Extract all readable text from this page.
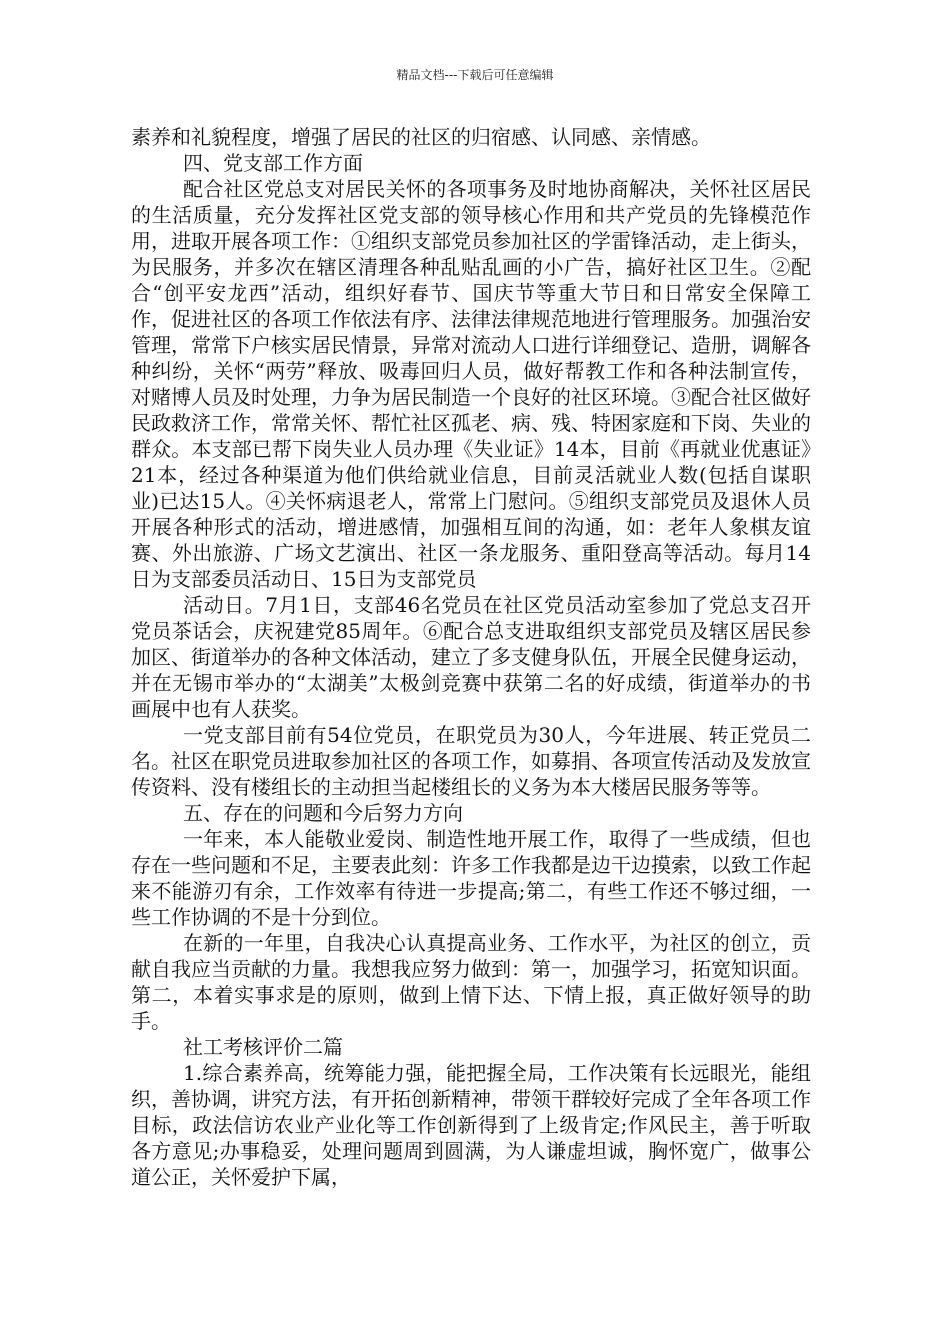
精品文档---下载后可任意编辑

素养和礼貌程度，增强了居民的社区的归宿感、认同感、亲情感。

四、党支部工作方面

配合社区党总支对居民关怀的各项事务及时地协商解决，关怀社区居民的生活质量，充分发挥社区党支部的领导核心作用和共产党员的先锋模范作用，进取开展各项工作：①组织支部党员参加社区的学雷锋活动，走上街头，为民服务，并多次在辖区清理各种乱贴乱画的小广告，搞好社区卫生。②配合“创平安龙西”活动，组织好春节、国庆节等重大节日和日常安全保障工作，促进社区的各项工作依法有序、法律法律规范地进行管理服务。加强治安管理，常常下户核实居民情景，异常对流动人口进行详细登记、造册，调解各种纠纷，关怀“两劳”释放、吸毒回归人员，做好帮教工作和各种法制宣传，对赌博人员及时处理，力争为居民制造一个良好的社区环境。③配合社区做好民政救济工作，常常关怀、帮忙社区孤老、病、残、特困家庭和下岗、失业的群众。本支部已帮下岗失业人员办理《失业证》14本，目前《再就业优惠证》21本，经过各种渠道为他们供给就业信息，目前灵活就业人数(包括自谋职业)已达15人。④关怀病退老人，常常上门慰问。⑤组织支部党员及退休人员开展各种形式的活动，增进感情，加强相互间的沟通，如：老年人象棋友谊赛、外出旅游、广场文艺演出、社区一条龙服务、重阳登高等活动。每月14日为支部委员活动日、15日为支部党员

活动日。7月1日，支部46名党员在社区党员活动室参加了党总支召开党员茶话会，庆祝建党85周年。⑥配合总支进取组织支部党员及辖区居民参加区、街道举办的各种文体活动，建立了多支健身队伍，开展全民健身运动，并在无锡市举办的“太湖美”太极剑竞赛中获第二名的好成绩，街道举办的书画展中也有人获奖。

一党支部目前有54位党员，在职党员为30人，今年进展、转正党员二名。社区在职党员进取参加社区的各项工作，如募捐、各项宣传活动及发放宣传资料、没有楼组长的主动担当起楼组长的义务为本大楼居民服务等等。

五、存在的问题和今后努力方向

一年来，本人能敬业爱岗、制造性地开展工作，取得了一些成绩，但也存在一些问题和不足，主要表此刻：许多工作我都是边干边摸索，以致工作起来不能游刃有余，工作效率有待进一步提高;第二，有些工作还不够过细，一些工作协调的不是十分到位。

在新的一年里，自我决心认真提高业务、工作水平，为社区的创立，贡献自我应当贡献的力量。我想我应努力做到：第一，加强学习，拓宽知识面。第二，本着实事求是的原则，做到上情下达、下情上报，真正做好领导的助手。

社工考核评价二篇

1.综合素养高，统筹能力强，能把握全局，工作决策有长远眼光，能组织，善协调，讲究方法，有开拓创新精神，带领干群较好完成了全年各项工作目标，政法信访农业产业化等工作创新得到了上级肯定;作风民主，善于听取各方意见;办事稳妥，处理问题周到圆满，为人谦虚坦诚，胸怀宽广，做事公道公正，关怀爱护下属，
